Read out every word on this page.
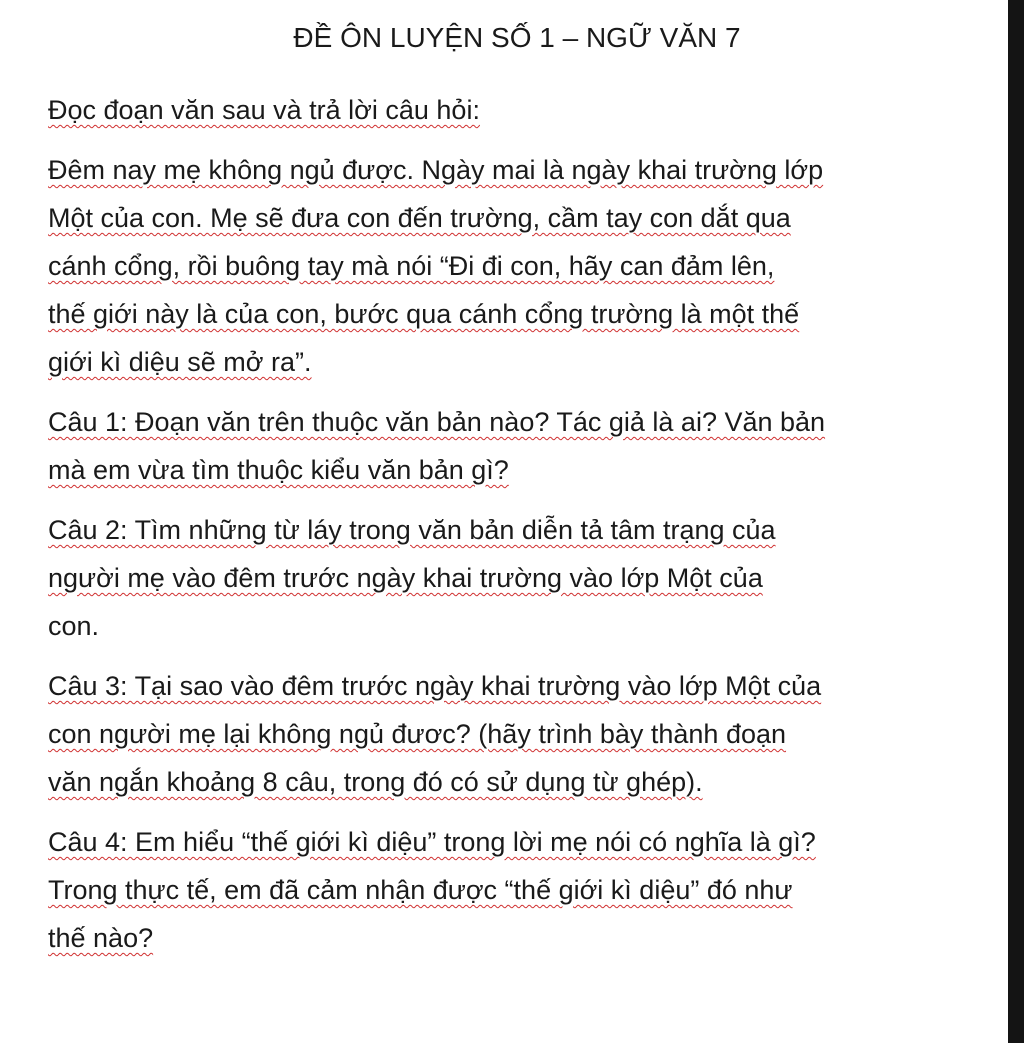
ĐỀ ÔN LUYỆN SỐ 1 – NGỮ VĂN 7
Đọc đoạn văn sau và trả lời câu hỏi:
Đêm nay mẹ không ngủ được. Ngày mai là ngày khai trường lớp
Một của con. Mẹ sẽ đưa con đến trường, cầm tay con dắt qua
cánh cổng, rồi buông tay mà nói “Đi đi con, hãy can đảm lên,
thế giới này là của con, bước qua cánh cổng trường là một thế
giới kì diệu sẽ mở ra”.
Câu 1: Đoạn văn trên thuộc văn bản nào? Tác giả là ai? Văn bản
mà em vừa tìm thuộc kiểu văn bản gì?
Câu 2: Tìm những từ láy trong văn bản diễn tả tâm trạng của
người mẹ vào đêm trước ngày khai trường vào lớp Một của
con.
Câu 3: Tại sao vào đêm trước ngày khai trường vào lớp Một của
con người mẹ lại không ngủ đươc? (hãy trình bày thành đoạn
văn ngắn khoảng 8 câu, trong đó có sử dụng từ ghép).
Câu 4: Em hiểu “thế giới kì diệu” trong lời mẹ nói có nghĩa là gì?
Trong thực tế, em đã cảm nhận được “thế giới kì diệu” đó như
thế nào?
